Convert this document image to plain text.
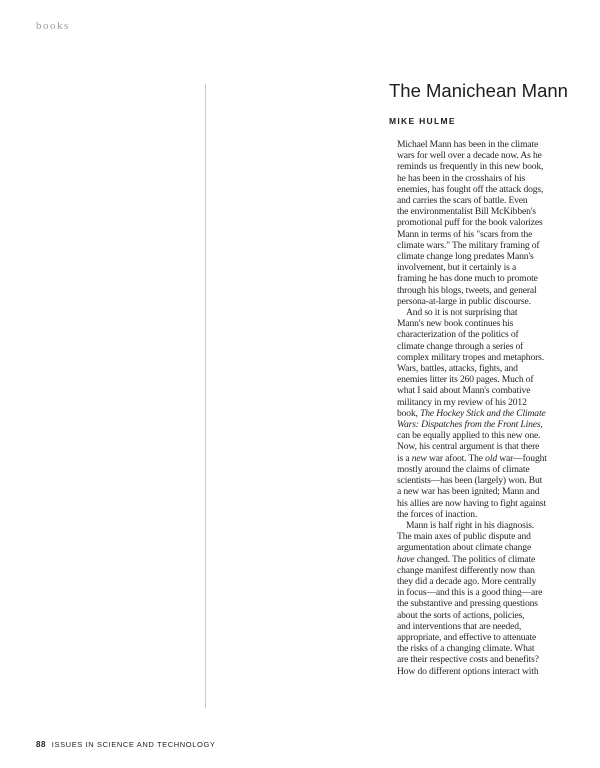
books
The Manichean Mann
MIKE HULME
Michael Mann has been in the climate
wars for well over a decade now. As he
reminds us frequently in this new book,
he has been in the crosshairs of his
enemies, has fought off the attack dogs,
and carries the scars of battle. Even
the environmentalist Bill McKibben's
promotional puff for the book valorizes
Mann in terms of his "scars from the
climate wars." The military framing of
climate change long predates Mann's
involvement, but it certainly is a
framing he has done much to promote
through his blogs, tweets, and general
persona-at-large in public discourse.
And so it is not surprising that
Mann's new book continues his
characterization of the politics of
climate change through a series of
complex military tropes and metaphors.
Wars, battles, attacks, fights, and
enemies litter its 260 pages. Much of
what I said about Mann's combative
militancy in my review of his 2012
book, The Hockey Stick and the Climate
Wars: Dispatches from the Front Lines,
can be equally applied to this new one.
Now, his central argument is that there
is a new war afoot. The old war—fought
mostly around the claims of climate
scientists—has been (largely) won. But
a new war has been ignited; Mann and
his allies are now having to fight against
the forces of inaction.
Mann is half right in his diagnosis.
The main axes of public dispute and
argumentation about climate change
have changed. The politics of climate
change manifest differently now than
they did a decade ago. More centrally
in focus—and this is a good thing—are
the substantive and pressing questions
about the sorts of actions, policies,
and interventions that are needed,
appropriate, and effective to attenuate
the risks of a changing climate. What
are their respective costs and benefits?
How do different options interact with
88 ISSUES IN SCIENCE AND TECHNOLOGY
